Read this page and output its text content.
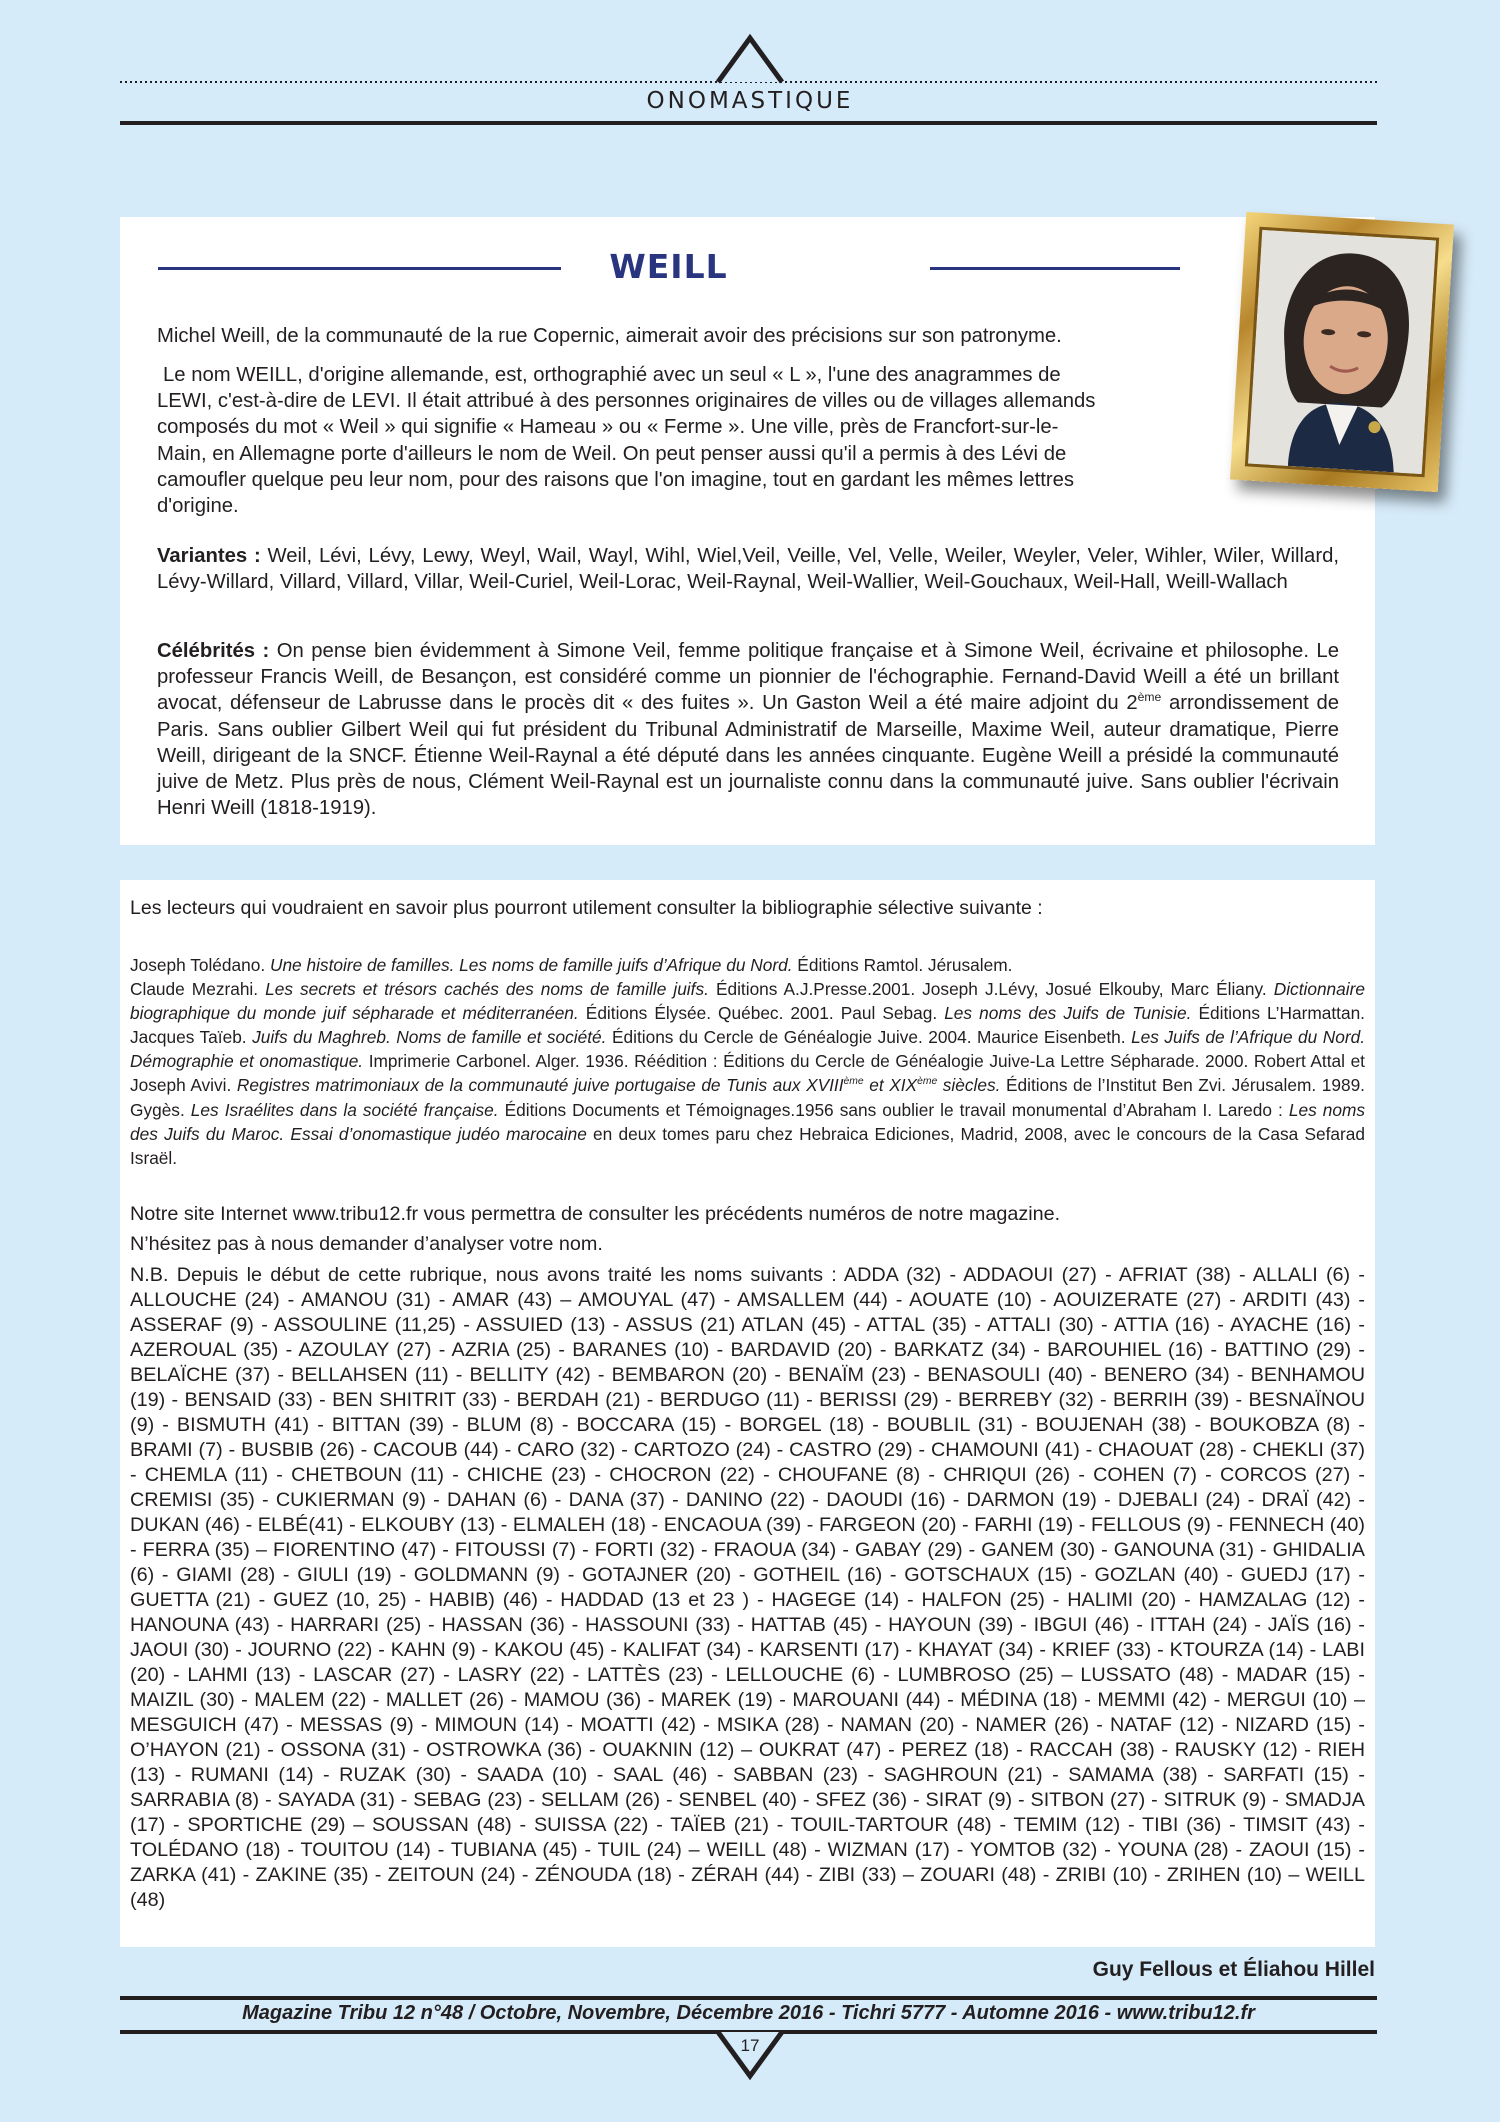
ONOMASTIQUE
WEILL
Michel Weill, de la communauté de la rue Copernic, aimerait avoir des précisions sur son patronyme.

Le nom WEILL, d'origine allemande, est, orthographié avec un seul « L », l'une des anagrammes de

LEWI, c'est-à-dire de LEVI. Il était attribué à des personnes originaires de villes ou de villages allemands

composés du mot « Weil » qui signifie « Hameau » ou « Ferme ». Une ville, près de Francfort-sur-le-

Main, en Allemagne porte d'ailleurs le nom de Weil. On peut penser aussi qu'il a permis à des Lévi de

camoufler quelque peu leur nom, pour des raisons que l'on imagine, tout en gardant les mêmes lettres

d'origine.

Variantes : Weil, Lévi, Lévy, Lewy, Weyl, Wail, Wayl, Wihl, Wiel,Veil, Veille, Vel, Velle, Weiler, Weyler, Veler, Wihler, Wiler, Willard, Lévy-Willard, Villard, Villard, Villar, Weil-Curiel, Weil-Lorac, Weil-Raynal, Weil-Wallier, Weil-Gouchaux, Weil-Hall, Weill-Wallach
Célébrités : On pense bien évidemment à Simone Veil, femme politique française et à Simone Weil, écrivaine et philosophe. Le professeur Francis Weill, de Besançon, est considéré comme un pionnier de l'échographie. Fernand-David Weill a été un brillant avocat, défenseur de Labrusse dans le procès dit « des fuites ». Un Gaston Weil a été maire adjoint du 2ème arrondissement de Paris. Sans oublier Gilbert Weil qui fut président du Tribunal Administratif de Marseille, Maxime Weil, auteur dramatique, Pierre Weill, dirigeant de la SNCF. Étienne Weil-Raynal a été député dans les années cinquante. Eugène Weill a présidé la communauté juive de Metz. Plus près de nous, Clément Weil-Raynal est un journaliste connu dans la communauté juive. Sans oublier l'écrivain Henri Weill (1818-1919).
Les lecteurs qui voudraient en savoir plus pourront utilement consulter la bibliographie sélective suivante :

Joseph Tolédano. Une histoire de familles. Les noms de famille juifs d’Afrique du Nord. Éditions Ramtol. Jérusalem.

Claude Mezrahi. Les secrets et trésors cachés des noms de famille juifs. Éditions A.J.Presse.2001. Joseph J.Lévy, Josué Elkouby, Marc Éliany. Dictionnaire biographique du monde juif sépharade et méditerranéen. Éditions Élysée. Québec. 2001. Paul Sebag. Les noms des Juifs de Tunisie. Éditions L’Harmattan. Jacques Taïeb. Juifs du Maghreb. Noms de famille et société. Éditions du Cercle de Généalogie Juive. 2004. Maurice Eisenbeth. Les Juifs de l’Afrique du Nord. Démographie et onomastique. Imprimerie Carbonel. Alger. 1936. Réédition : Éditions du Cercle de Généalogie Juive-La Lettre Sépharade. 2000. Robert Attal et Joseph Avivi. Registres matrimoniaux de la communauté juive portugaise de Tunis aux XVIIIème et XIXème siècles. Éditions de l’Institut Ben Zvi. Jérusalem. 1989. Gygès. Les Israélites dans la société française. Éditions Documents et Témoignages.1956 sans oublier le travail monumental d’Abraham I. Laredo : Les noms des Juifs du Maroc. Essai d’onomastique judéo marocaine en deux tomes paru chez Hebraica Ediciones, Madrid, 2008, avec le concours de la Casa Sefarad Israël.

Notre site Internet www.tribu12.fr vous permettra de consulter les précédents numéros de notre magazine.
N’hésitez pas à nous demander d’analyser votre nom.
N.B. Depuis le début de cette rubrique, nous avons traité les noms suivants : ADDA (32) - ADDAOUI (27) - AFRIAT (38) - ALLALI (6) - ALLOUCHE (24) - AMANOU (31) - AMAR (43) – AMOUYAL (47) - AMSALLEM (44) - AOUATE (10) - AOUIZERATE (27) - ARDITI (43) - ASSERAF (9) - ASSOULINE (11,25) - ASSUIED (13) - ASSUS (21) ATLAN (45) - ATTAL (35) - ATTALI (30) - ATTIA (16) - AYACHE (16) - AZEROUAL (35) - AZOULAY (27) - AZRIA (25) - BARANES (10) - BARDAVID (20) - BARKATZ (34) - BAROUHIEL (16) - BATTINO (29) - BELAÏCHE (37) - BELLAHSEN (11) - BELLITY (42) - BEMBARON (20) - BENAÏM (23) - BENASOULI (40) - BENERO (34) - BENHAMOU (19) - BENSAID (33) - BEN SHITRIT (33) - BERDAH (21) - BERDUGO (11) - BERISSI (29) - BERREBY (32) - BERRIH (39) - BESNAÏNOU (9) - BISMUTH (41) - BITTAN (39) - BLUM (8) - BOCCARA (15) - BORGEL (18) - BOUBLIL (31) - BOUJENAH (38) - BOUKOBZA (8) - BRAMI (7) - BUSBIB (26) - CACOUB (44) - CARO (32) - CARTOZO (24) - CASTRO (29) - CHAMOUNI (41) - CHAOUAT (28) - CHEKLI (37) - CHEMLA (11) - CHETBOUN (11) - CHICHE (23) - CHOCRON (22) - CHOUFANE (8) - CHRIQUI (26) - COHEN (7) - CORCOS (27) - CREMISI (35) - CUKIERMAN (9) - DAHAN (6) - DANA (37) - DANINO (22) - DAOUDI (16) - DARMON (19) - DJEBALI (24) - DRAÏ (42) - DUKAN (46) - ELBÉ(41) - ELKOUBY (13) - ELMALEH (18) - ENCAOUA (39) - FARGEON (20) - FARHI (19) - FELLOUS (9) - FENNECH (40) - FERRA (35) – FIORENTINO (47) - FITOUSSI (7) - FORTI (32) - FRAOUA (34) - GABAY (29) - GANEM (30) - GANOUNA (31) - GHIDALIA (6) - GIAMI (28) - GIULI (19) - GOLDMANN (9) - GOTAJNER (20) - GOTHEIL (16) - GOTSCHAUX (15) - GOZLAN (40) - GUEDJ (17) - GUETTA (21) - GUEZ (10, 25) - HABIB) (46) - HADDAD (13 et 23 ) - HAGEGE (14) - HALFON (25) - HALIMI (20) - HAMZALAG (12) - HANOUNA (43) - HARRARI (25) - HASSAN (36) - HASSOUNI (33) - HATTAB (45) - HAYOUN (39) - IBGUI (46) - ITTAH (24) - JAÏS (16) - JAOUI (30) - JOURNO (22) - KAHN (9) - KAKOU (45) - KALIFAT (34) - KARSENTI (17) - KHAYAT (34) - KRIEF (33) - KTOURZA (14) - LABI (20) - LAHMI (13) - LASCAR (27) - LASRY (22) - LATTÈS (23) - LELLOUCHE (6) - LUMBROSO (25) – LUSSATO (48) - MADAR (15) - MAIZIL (30) - MALEM (22) - MALLET (26) - MAMOU (36) - MAREK (19) - MAROUANI (44) - MÉDINA (18) - MEMMI (42) - MERGUI (10) – MESGUICH (47) - MESSAS (9) - MIMOUN (14) - MOATTI (42) - MSIKA (28) - NAMAN (20) - NAMER (26) - NATAF (12) - NIZARD (15) - O’HAYON (21) - OSSONA (31) - OSTROWKA (36) - OUAKNIN (12) – OUKRAT (47) - PEREZ (18) - RACCAH (38) - RAUSKY (12) - RIEH (13) - RUMANI (14) - RUZAK (30) - SAADA (10) - SAAL (46) - SABBAN (23) - SAGHROUN (21) - SAMAMA (38) - SARFATI (15) - SARRABIA (8) - SAYADA (31) - SEBAG (23) - SELLAM (26) - SENBEL (40) - SFEZ (36) - SIRAT (9) - SITBON (27) - SITRUK (9) - SMADJA (17) - SPORTICHE (29) – SOUSSAN (48) - SUISSA (22) - TAÏEB (21) - TOUIL-TARTOUR (48) - TEMIM (12) - TIBI (36) - TIMSIT (43) - TOLÉDANO (18) - TOUITOU (14) - TUBIANA (45) - TUIL (24) – WEILL (48) - WIZMAN (17) - YOMTOB (32) - YOUNA (28) - ZAOUI (15) - ZARKA (41) - ZAKINE (35) - ZEITOUN (24) - ZÉNOUDA (18) - ZÉRAH (44) - ZIBI (33) – ZOUARI (48) - ZRIBI (10) - ZRIHEN (10) – WEILL (48)
Guy Fellous et Éliahou Hillel
Magazine Tribu 12 n°48 / Octobre, Novembre, Décembre 2016 - Tichri 5777 - Automne 2016 - www.tribu12.fr
17
